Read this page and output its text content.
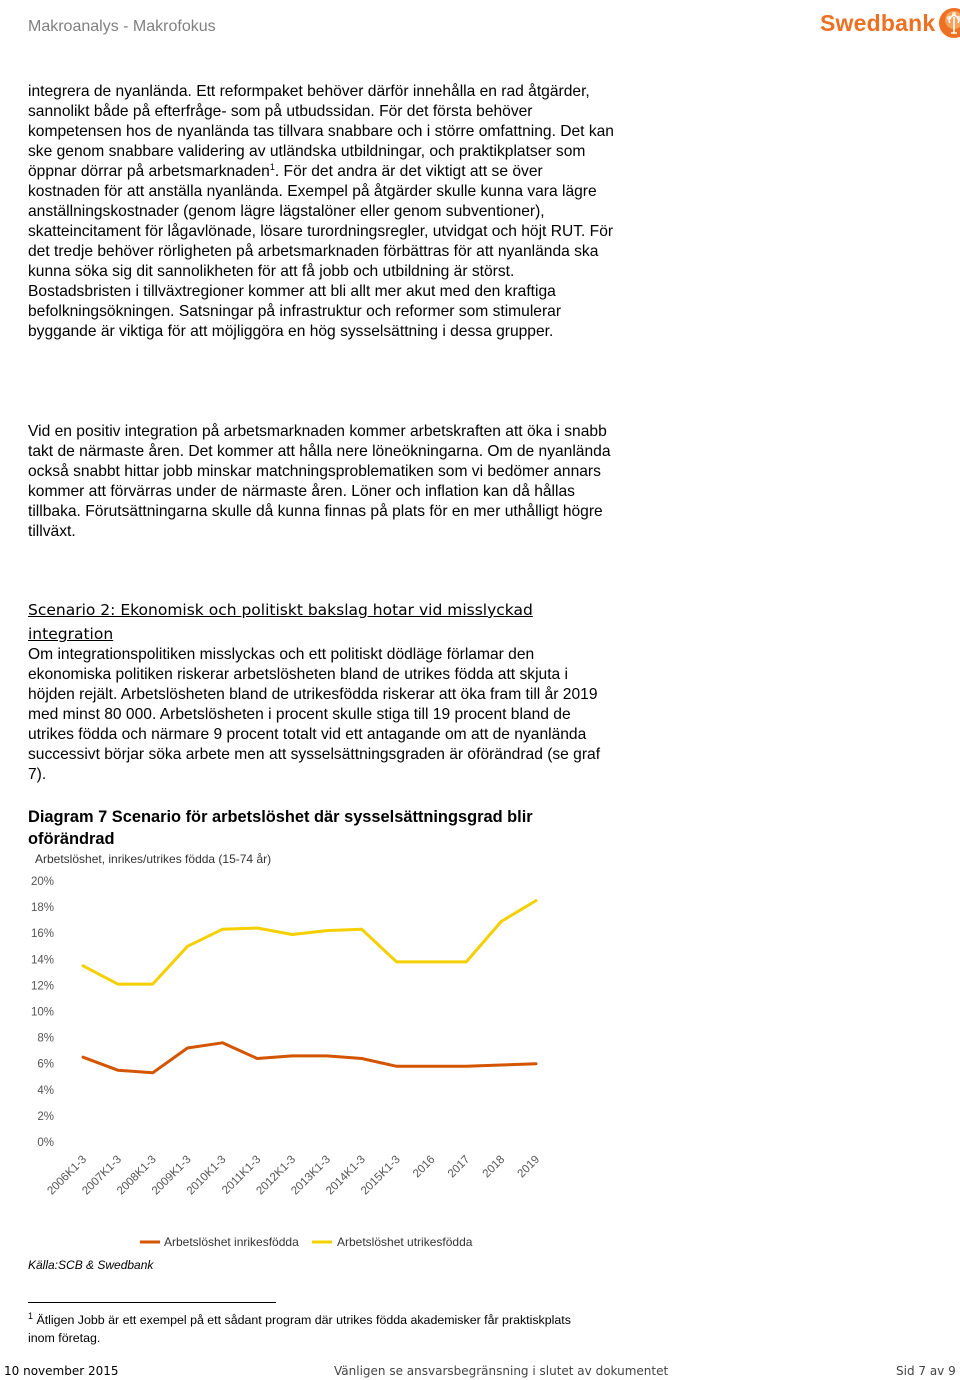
Makroanalys - Makrofokus	Swedbank

integrera de nyanlända. Ett reformpaket behöver därför innehålla en rad åtgärder, sannolikt både på efterfråge- som på utbudssidan. För det första behöver kompetensen hos de nyanlända tas tillvara snabbare och i större omfattning. Det kan ske genom snabbare validering av utländska utbildningar, och praktikplatser som öppnar dörrar på arbetsmarknaden$^1$. För det andra är det viktigt att se över kostnaden för att anställa nyanlända. Exempel på åtgärder skulle kunna vara lägre anställningskostnader (genom lägre lägstalöner eller genom subventioner), skatteincitament för lågavlönade, lösare turordningsregler, utvidgat och höjt RUT. För det tredje behöver rörligheten på arbetsmarknaden förbättras för att nyanlända ska kunna söka sig dit sannolikheten för att få jobb och utbildning är störst. Bostadsbristen i tillväxtregioner kommer att bli allt mer akut med den kraftiga befolkningsökningen. Satsningar på infrastruktur och reformer som stimulerar byggande är viktiga för att möjliggöra en hög sysselsättning i dessa grupper.

Vid en positiv integration på arbetsmarknaden kommer arbetskraften att öka i snabb takt de närmaste åren. Det kommer att hålla nere löneökningarna. Om de nyanlända också snabbt hittar jobb minskar matchningsproblematiken som vi bedömer annars kommer att förvärras under de närmaste åren. Löner och inflation kan då hållas tillbaka. Förutsättningarna skulle då kunna finnas på plats för en mer uthålligt högre tillväxt.
Scenario 2: Ekonomisk och politiskt bakslag hotar vid misslyckad integration
Om integrationspolitiken misslyckas och ett politiskt dödläge förlamar den ekonomiska politiken riskerar arbetslösheten bland de utrikes födda att skjuta i höjden rejält. Arbetslösheten bland de utrikesfödda riskerar att öka fram till år 2019 med minst 80 000. Arbetslösheten i procent skulle stiga till 19 procent bland de utrikes födda och närmare 9 procent totalt vid ett antagande om att de nyanlända successivt börjar söka arbete men att sysselsättningsgraden är oförändrad (se graf 7).
Diagram 7 Scenario för arbetslöshet där sysselsättningsgrad blir oförändrad
Arbetslöshet, inrikes/utrikes födda (15-74 år)
0%
2%
4%
6%
8%
10%
12%
14%
16%
18%
20%
2006K1-3
2007K1-3
2008K1-3
2009K1-3
2010K1-3
2011K1-3
2012K1-3
2013K1-3
2014K1-3
2015K1-3 2016 2017 2018 2019
Arbetslöshet inrikesfödda	Arbetslöshet utrikesfödda
Källa:SCB & Swedbank
$^1$ Ätligen Jobb är ett exempel på ett sådant program där utrikes födda akademisker får praktiskplats inom företag.
10 november 2015	Vänligen se ansvarsbegränsning i slutet av dokumentet	Sid 7 av 9
